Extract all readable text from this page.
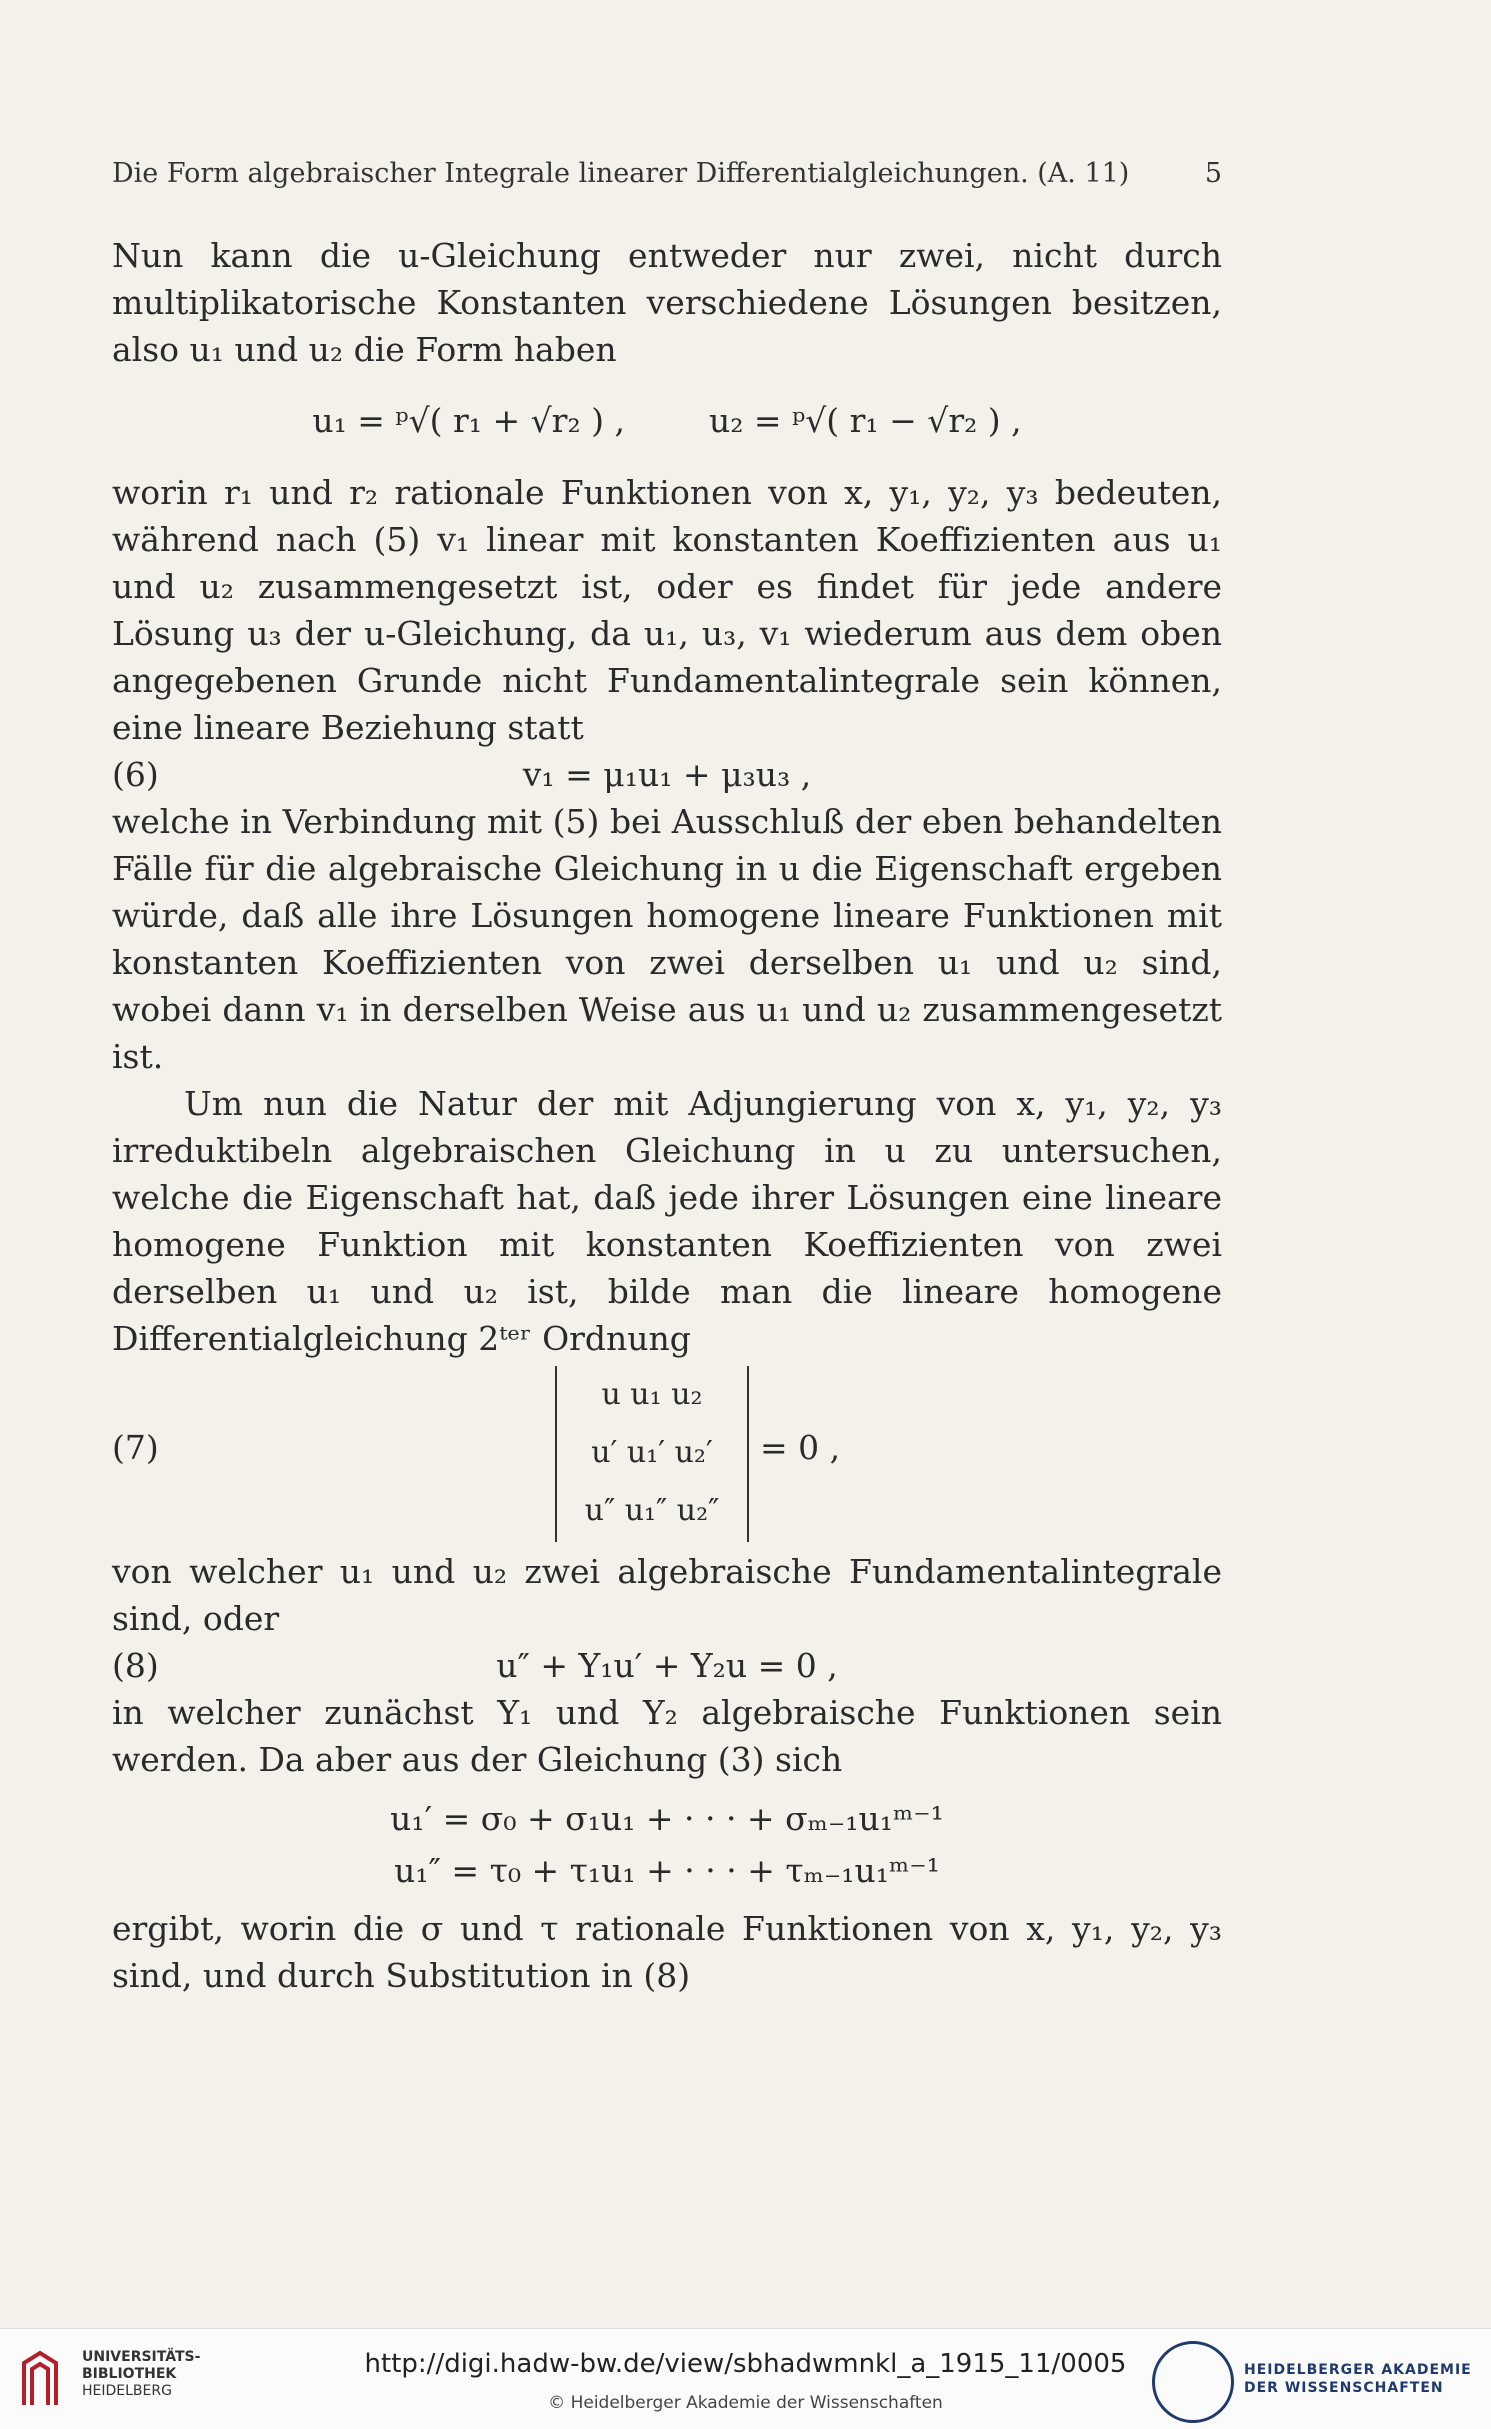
Die Form algebraischer Integrale linearer Differentialgleichungen. (A. 11)	5

Nun kann die u-Gleichung entweder nur zwei, nicht durch multiplikatorische Konstanten verschiedene Lösungen besitzen, also u₁ und u₂ die Form haben

u₁ = ᵖ√( r₁ + √r₂ ) ,	u₂ = ᵖ√( r₁ − √r₂ ) ,

worin r₁ und r₂ rationale Funktionen von x, y₁, y₂, y₃ bedeuten, während nach (5) v₁ linear mit konstanten Koeffizienten aus u₁ und u₂ zusammengesetzt ist, oder es findet für jede andere Lösung u₃ der u-Gleichung, da u₁, u₃, v₁ wiederum aus dem oben angegebenen Grunde nicht Fundamentalintegrale sein können, eine lineare Beziehung statt

(6)	v₁ = μ₁u₁ + μ₃u₃ ,

welche in Verbindung mit (5) bei Ausschluß der eben behandelten Fälle für die algebraische Gleichung in u die Eigenschaft ergeben würde, daß alle ihre Lösungen homogene lineare Funktionen mit konstanten Koeffizienten von zwei derselben u₁ und u₂ sind, wobei dann v₁ in derselben Weise aus u₁ und u₂ zusammengesetzt ist.

Um nun die Natur der mit Adjungierung von x, y₁, y₂, y₃ irreduktibeln algebraischen Gleichung in u zu untersuchen, welche die Eigenschaft hat, daß jede ihrer Lösungen eine lineare homogene Funktion mit konstanten Koeffizienten von zwei derselben u₁ und u₂ ist, bilde man die lineare homogene Differentialgleichung 2ᵗᵉʳ Ordnung

(7)
u u₁ u₂
u′ u₁′ u₂′
u″ u₁″ u₂″
= 0 ,

von welcher u₁ und u₂ zwei algebraische Fundamentalintegrale sind, oder

(8)	u″ + Y₁u′ + Y₂u = 0 ,

in welcher zunächst Y₁ und Y₂ algebraische Funktionen sein werden. Da aber aus der Gleichung (3) sich

u₁′ = σ₀ + σ₁u₁ + · · · + σₘ₋₁u₁ᵐ⁻¹
u₁″ = τ₀ + τ₁u₁ + · · · + τₘ₋₁u₁ᵐ⁻¹

ergibt, worin die σ und τ rationale Funktionen von x, y₁, y₂, y₃ sind, und durch Substitution in (8)

UNIVERSITÄTS-
BIBLIOTHEK
HEIDELBERG
http://digi.hadw-bw.de/view/sbhadwmnkl_a_1915_11/0005
© Heidelberger Akademie der Wissenschaften
HEIDELBERGER AKADEMIE
DER WISSENSCHAFTEN
